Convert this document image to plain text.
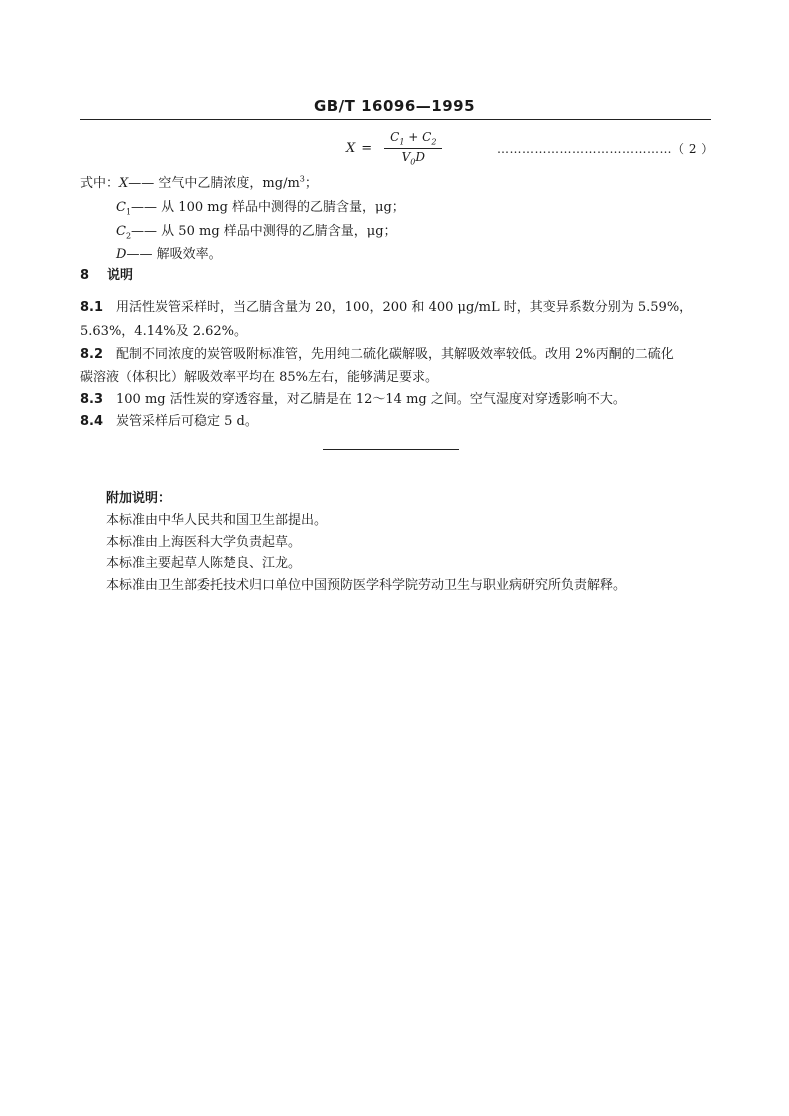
GB/T 16096—1995
$X = \frac{C_1 + C_2}{V_0D}$	……………………………………（ 2 ）
式中：X—— 空气中乙腈浓度，$mg/m^3$；
$C_1——$ 从 100 mg 样品中测得的乙腈含量，μg；
$C_2——$ 从 50 mg 样品中测得的乙腈含量，μg；
D—— 解吸效率。
8 说明
8.1 用活性炭管采样时，当乙腈含量为 20，100，200 和 400 μg/mL 时，其变异系数分别为 5.59%，
5.63%，4.14%及 2.62%。
8.2 配制不同浓度的炭管吸附标准管，先用纯二硫化碳解吸，其解吸效率较低。改用 2%丙酮的二硫化
碳溶液（体积比）解吸效率平均在 85%左右，能够满足要求。
8.3 100 mg 活性炭的穿透容量，对乙腈是在 12～14 mg 之间。空气湿度对穿透影响不大。
8.4 炭管采样后可稳定 5 d。
附加说明：
本标准由中华人民共和国卫生部提出。
本标准由上海医科大学负责起草。
本标准主要起草人陈楚良、江龙。
本标准由卫生部委托技术归口单位中国预防医学科学院劳动卫生与职业病研究所负责解释。
